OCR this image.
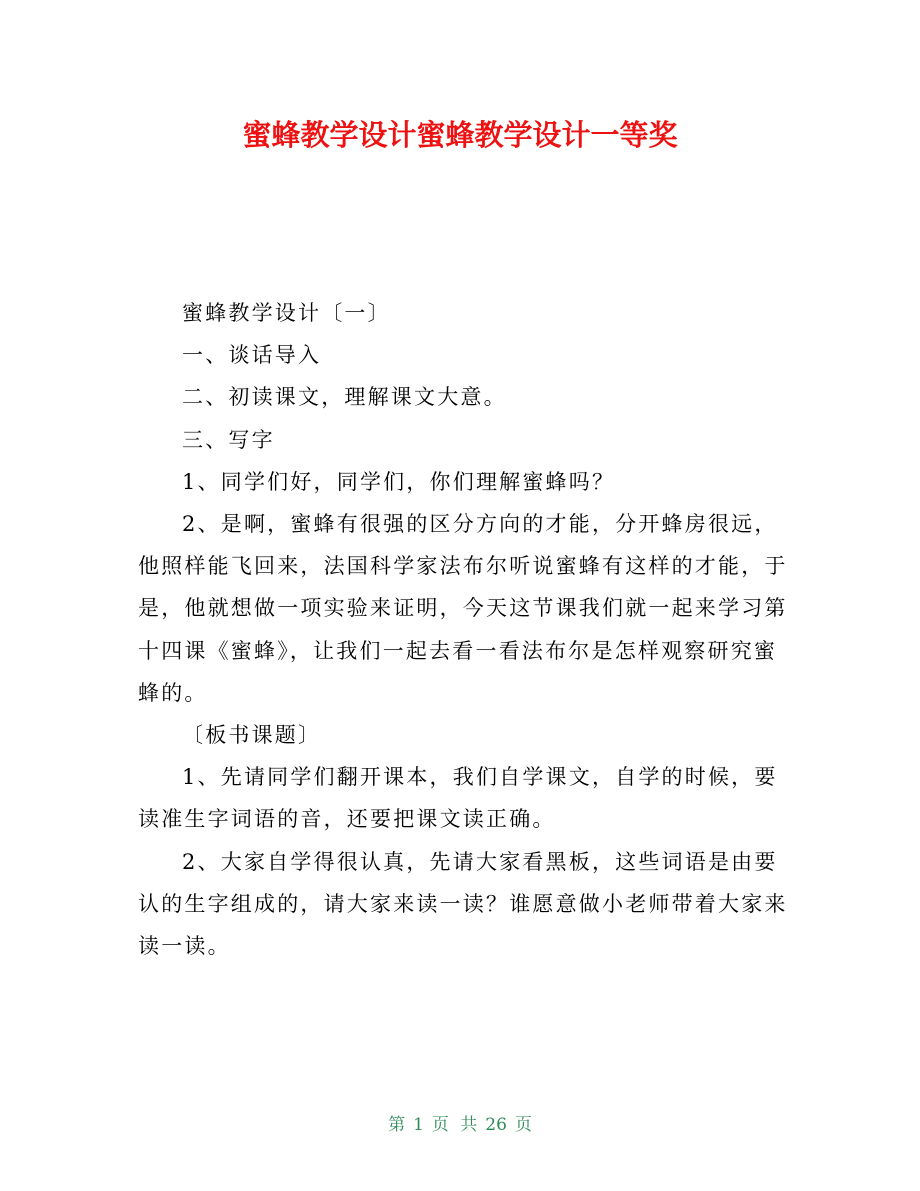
蜜蜂教学设计蜜蜂教学设计一等奖

蜜蜂教学设计〔一〕

一、谈话导入

二、初读课文，理解课文大意。

三、写字

1、同学们好，同学们，你们理解蜜蜂吗？

2、是啊，蜜蜂有很强的区分方向的才能，分开蜂房很远，他照样能飞回来，法国科学家法布尔听说蜜蜂有这样的才能，于是，他就想做一项实验来证明，今天这节课我们就一起来学习第十四课《蜜蜂》，让我们一起去看一看法布尔是怎样观察研究蜜蜂的。

〔板书课题〕

1、先请同学们翻开课本，我们自学课文，自学的时候，要读准生字词语的音，还要把课文读正确。

2、大家自学得很认真，先请大家看黑板，这些词语是由要认的生字组成的，请大家来读一读？谁愿意做小老师带着大家来读一读。

第 1 页 共 26 页
